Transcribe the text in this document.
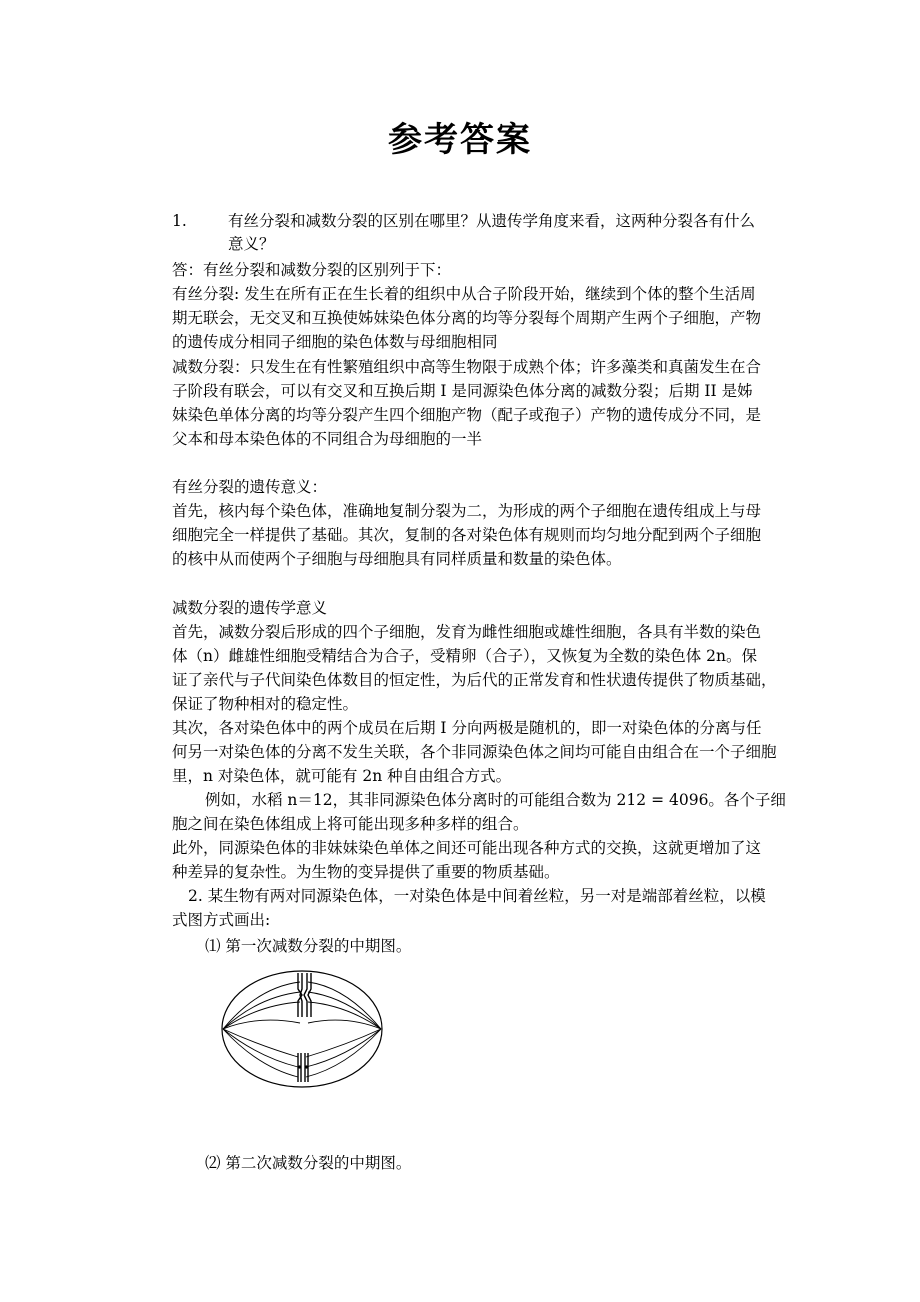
参考答案

1.	有丝分裂和减数分裂的区别在哪里？从遗传学角度来看，这两种分裂各有什么

意义？

答：有丝分裂和减数分裂的区别列于下：

有丝分裂: 发生在所有正在生长着的组织中从合子阶段开始，继续到个体的整个生活周

期无联会，无交叉和互换使姊妹染色体分离的均等分裂每个周期产生两个子细胞，产物

的遗传成分相同子细胞的染色体数与母细胞相同

减数分裂：只发生在有性繁殖组织中高等生物限于成熟个体；许多藻类和真菌发生在合

子阶段有联会，可以有交叉和互换后期 I 是同源染色体分离的减数分裂；后期 II 是姊

妹染色单体分离的均等分裂产生四个细胞产物（配子或孢子）产物的遗传成分不同，是

父本和母本染色体的不同组合为母细胞的一半

有丝分裂的遗传意义：

首先，核内每个染色体，准确地复制分裂为二，为形成的两个子细胞在遗传组成上与母

细胞完全一样提供了基础。其次，复制的各对染色体有规则而均匀地分配到两个子细胞

的核中从而使两个子细胞与母细胞具有同样质量和数量的染色体。

减数分裂的遗传学意义

首先，减数分裂后形成的四个子细胞，发育为雌性细胞或雄性细胞，各具有半数的染色

体（n）雌雄性细胞受精结合为合子，受精卵（合子），又恢复为全数的染色体 2n。保

证了亲代与子代间染色体数目的恒定性，为后代的正常发育和性状遗传提供了物质基础，

保证了物种相对的稳定性。

其次，各对染色体中的两个成员在后期 I 分向两极是随机的，即一对染色体的分离与任

何另一对染色体的分离不发生关联，各个非同源染色体之间均可能自由组合在一个子细胞

里，n 对染色体，就可能有 2n 种自由组合方式。

例如，水稻 n＝12，其非同源染色体分离时的可能组合数为 212 = 4096。各个子细

胞之间在染色体组成上将可能出现多种多样的组合。

此外，同源染色体的非妹妹染色单体之间还可能出现各种方式的交换，这就更增加了这

种差异的复杂性。为生物的变异提供了重要的物质基础。

2. 某生物有两对同源染色体，一对染色体是中间着丝粒，另一对是端部着丝粒，以模

式图方式画出:

⑴ 第一次减数分裂的中期图。

⑵ 第二次减数分裂的中期图。
